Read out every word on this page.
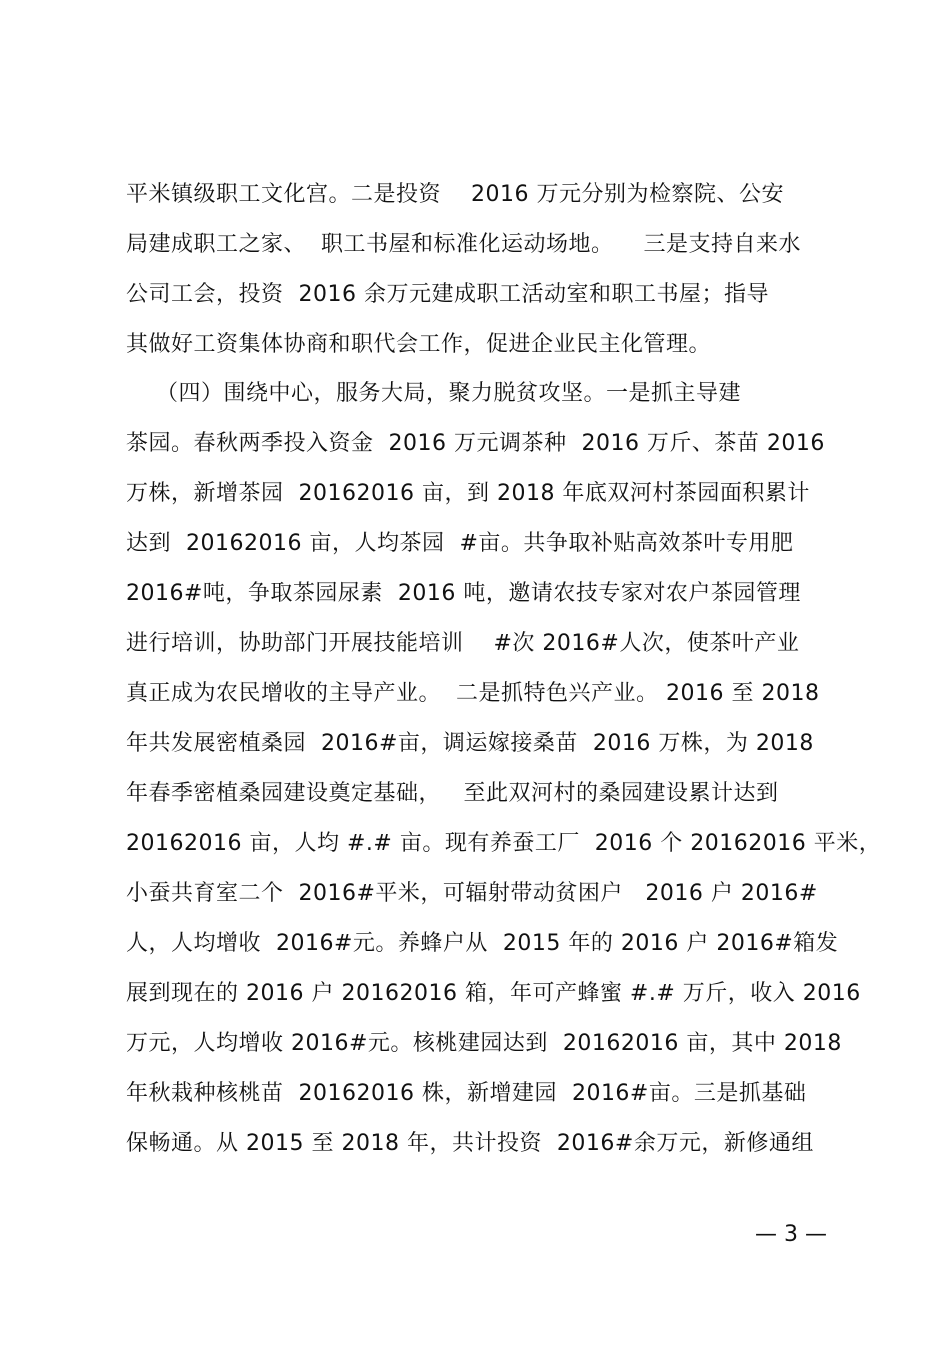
平米镇级职工文化宫。二是投资    2016 万元分别为检察院、公安
局建成职工之家、  职工书屋和标准化运动场地。    三是支持自来水
公司工会，投资  2016 余万元建成职工活动室和职工书屋；指导
其做好工资集体协商和职代会工作，促进企业民主化管理。
（四）围绕中心，服务大局，聚力脱贫攻坚。一是抓主导建
茶园。春秋两季投入资金  2016 万元调茶种  2016 万斤、茶苗 2016
万株，新增茶园  20162016 亩，到 2018 年底双河村茶园面积累计
达到  20162016 亩，人均茶园  #亩。共争取补贴高效茶叶专用肥
2016#吨，争取茶园尿素  2016 吨，邀请农技专家对农户茶园管理
进行培训，协助部门开展技能培训    #次 2016#人次，使茶叶产业
真正成为农民增收的主导产业。  二是抓特色兴产业。 2016 至 2018
年共发展密植桑园  2016#亩，调运嫁接桑苗  2016 万株，为 2018
年春季密植桑园建设奠定基础，   至此双河村的桑园建设累计达到
20162016 亩，人均 #.# 亩。现有养蚕工厂  2016 个 20162016 平米，
小蚕共育室二个  2016#平米，可辐射带动贫困户   2016 户 2016#
人，人均增收  2016#元。养蜂户从  2015 年的 2016 户 2016#箱发
展到现在的 2016 户 20162016 箱，年可产蜂蜜 #.# 万斤，收入 2016
万元，人均增收 2016#元。核桃建园达到  20162016 亩，其中 2018
年秋栽种核桃苗  20162016 株，新增建园  2016#亩。三是抓基础
保畅通。从 2015 至 2018 年，共计投资  2016#余万元，新修通组
— 3 —
